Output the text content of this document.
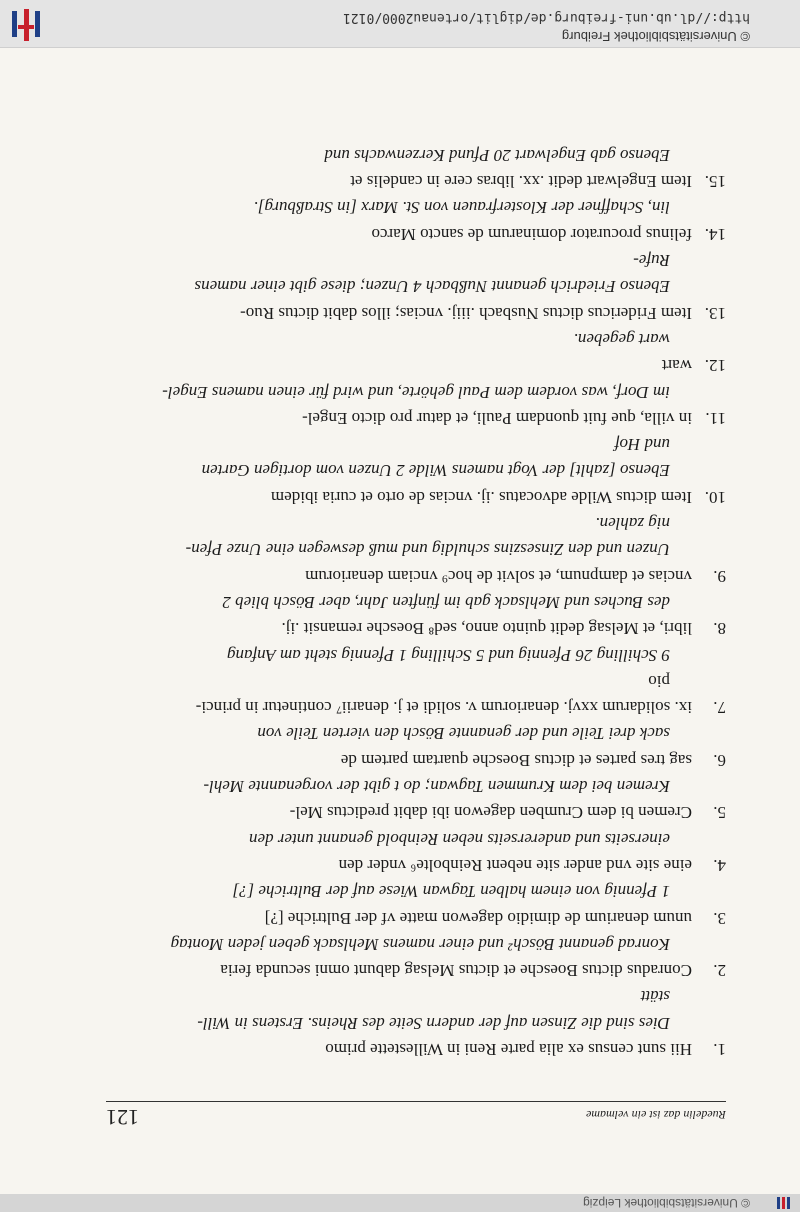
© Universitätsbibliothek Leipzig
Ruedelin daz ist ein velmame
121
1.
Hii sunt census ex alia parte Reni in Willestette primo
Dies sind die Zinsen auf der andern Seite des Rheins. Erstens in Will-
stätt
2.
Conradus dictus Boesche et dictus Melsag dabunt omni secunda feria
Konrad genannt Bösch² und einer namens Mehlsack geben jeden Montag
3.
unum denarium de dimidio dagewon matte vf der Bultriche [?]
1 Pfennig von einem halben Tagwan Wiese auf der Bultriche [?]
4.
eine site vnd ander site nebent Reinbolte⁶ vnder den
einerseits und andererseits neben Reinbold genannt unter den
5.
Cremen bi dem Crumben dagewon ibi dabit predictus Mel-
Kremen bei dem Krummen Tagwan; do t gibt der vorgenannte Mehl-
6.
sag tres partes et dictus Boesche quartam partem de
sack drei Teile und der genannte Bösch den vierten Teile von
7.
ix. solidarum xxvj. denariorum v. solidi et j. denarii⁷ continetur in princi-
pio
9 Schilling 26 Pfennig und 5 Schilling 1 Pfennig steht am Anfang
8.
libri, et Melsag dedit quinto anno, sed⁸ Boesche remansit .ij.
des Buches und Mehlsack gab im fünften Jahr, aber Bösch blieb 2
9.
vncias et dampnum, et solvit de hoc⁹ vnciam denariorum
Unzen und den Zinseszins schuldig und muß deswegen eine Unze Pfen-
nig zahlen.
10.
Item dictus Wilde advocatus .ij. vncias de orto et curia ibidem
Ebenso [zahlt] der Vogt namens Wilde 2 Unzen vom dortigen Garten
und Hof
11.
in villa, que fuit quondam Pauli, et datur pro dicto Engel-
im Dorf, was vordem dem Paul gehörte, und wird für einen namens Engel-
12.
wart
wart gegeben.
13.
Item Fridericus dictus Nusbach .iiij. vncias; illos dabit dictus Ruo-
Ebenso Friedrich genannt Nußbach 4 Unzen; diese gibt einer namens
Rufe-
14.
felinus procurator dominarum de sancto Marco
lin, Schaffner der Klosterfrauen von St. Marx [in Straßburg].
15.
Item Engelwart dedit .xx. libras cere in candelis et
Ebenso gab Engelwart 20 Pfund Kerzenwachs und
© Universitätsbibliothek Freiburg
http://dl.ub.uni-freiburg.de/diglit/ortenau2000/0121
